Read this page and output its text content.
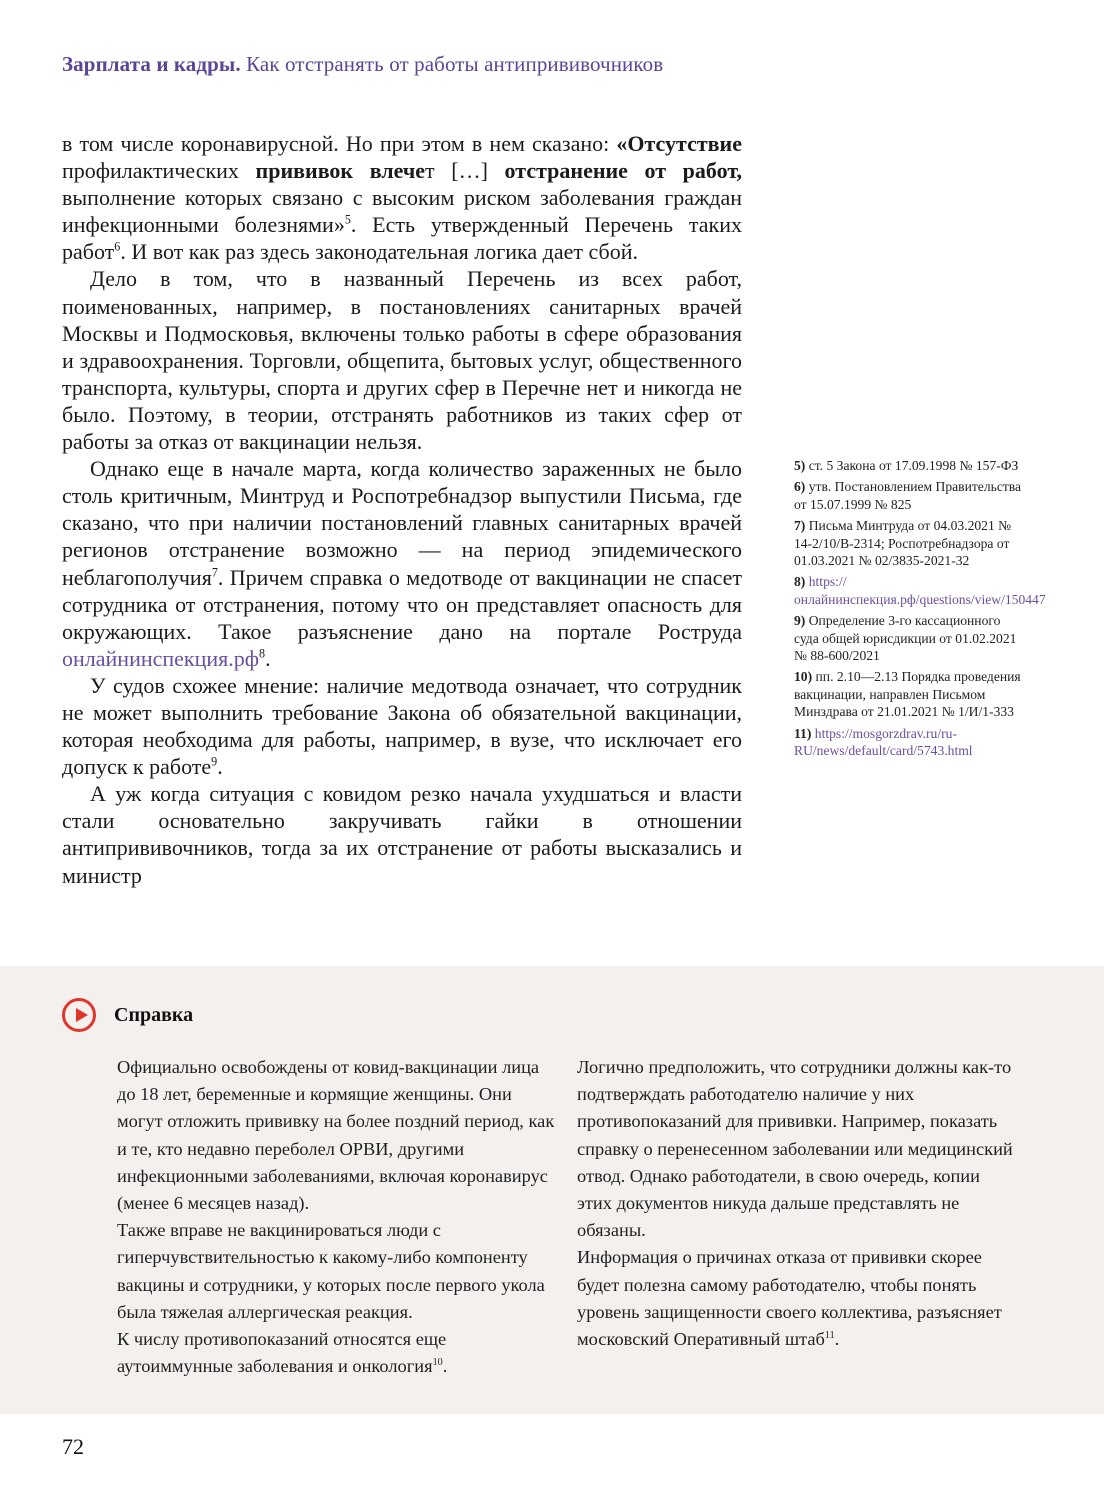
Зарплата и кадры. Как отстранять от работы антипрививочников

в том числе коронавирусной. Но при этом в нем сказано: «Отсутствие профилактических прививок влечет […] отстранение от работ, выполнение которых связано с высоким риском заболевания граждан инфекционными болезнями»$^5$. Есть утвержденный Перечень таких работ$^6$. И вот как раз здесь законодательная логика дает сбой.

Дело в том, что в названный Перечень из всех работ, поименованных, например, в постановлениях санитарных врачей Москвы и Подмосковья, включены только работы в сфере образования и здравоохранения. Торговли, общепита, бытовых услуг, общественного транспорта, культуры, спорта и других сфер в Перечне нет и никогда не было. Поэтому, в теории, отстранять работников из таких сфер от работы за отказ от вакцинации нельзя.

Однако еще в начале марта, когда количество зараженных не было столь критичным, Минтруд и Роспотребнадзор выпустили Письма, где сказано, что при наличии постановлений главных санитарных врачей регионов отстранение возможно — на период эпидемического неблагополучия$^7$. Причем справка о медотводе от вакцинации не спасет сотрудника от отстранения, потому что он представляет опасность для окружающих. Такое разъяснение дано на портале Роструда $онлайнинспекция.рф^8$.

У судов схожее мнение: наличие медотвода означает, что сотрудник не может выполнить требование Закона об обязательной вакцинации, которая необходима для работы, например, в вузе, что исключает его допуск к работе$^9$.

А уж когда ситуация с ковидом резко начала ухудшаться и власти стали основательно закручивать гайки в отношении антипрививочников, тогда за их отстранение от работы высказались и министр

5) ст. 5 Закона от 17.09.1998 № 157-ФЗ
6) утв. Постановлением Правительства от 15.07.1999 № 825
7) Письма Минтруда от 04.03.2021 № 14-2/10/В-2314; Роспотребнадзора от 01.03.2021 № 02/3835-2021-32
8) https://онлайнинспекция.рф/questions/view/150447
9) Определение 3-го кассационного суда общей юрисдикции от 01.02.2021 № 88-600/2021
10) пп. 2.10—2.13 Порядка проведения вакцинации, направлен Письмом Минздрава от 21.01.2021 № 1/И/1-333
11) https://mosgorzdrav.ru/ru-RU/news/default/card/5743.html
Справка

Официально освобождены от ковид-вакцинации лица до 18 лет, беременные и кормящие женщины. Они могут отложить прививку на более поздний период, как и те, кто недавно переболел ОРВИ, другими инфекционными заболеваниями, включая коронавирус (менее 6 месяцев назад).

Также вправе не вакцинироваться люди с гиперчувствительностью к какому-либо компоненту вакцины и сотрудники, у которых после первого укола была тяжелая аллергическая реакция.

К числу противопоказаний относятся еще аутоиммунные заболевания и онкология$^{10}$.

Логично предположить, что сотрудники должны как-то подтверждать работодателю наличие у них противопоказаний для прививки. Например, показать справку о перенесенном заболевании или медицинский отвод. Однако работодатели, в свою очередь, копии этих документов никуда дальше представлять не обязаны.

Информация о причинах отказа от прививки скорее будет полезна самому работодателю, чтобы понять уровень защищенности своего коллектива, разъясняет московский Оперативный штаб$^{11}$.

72
